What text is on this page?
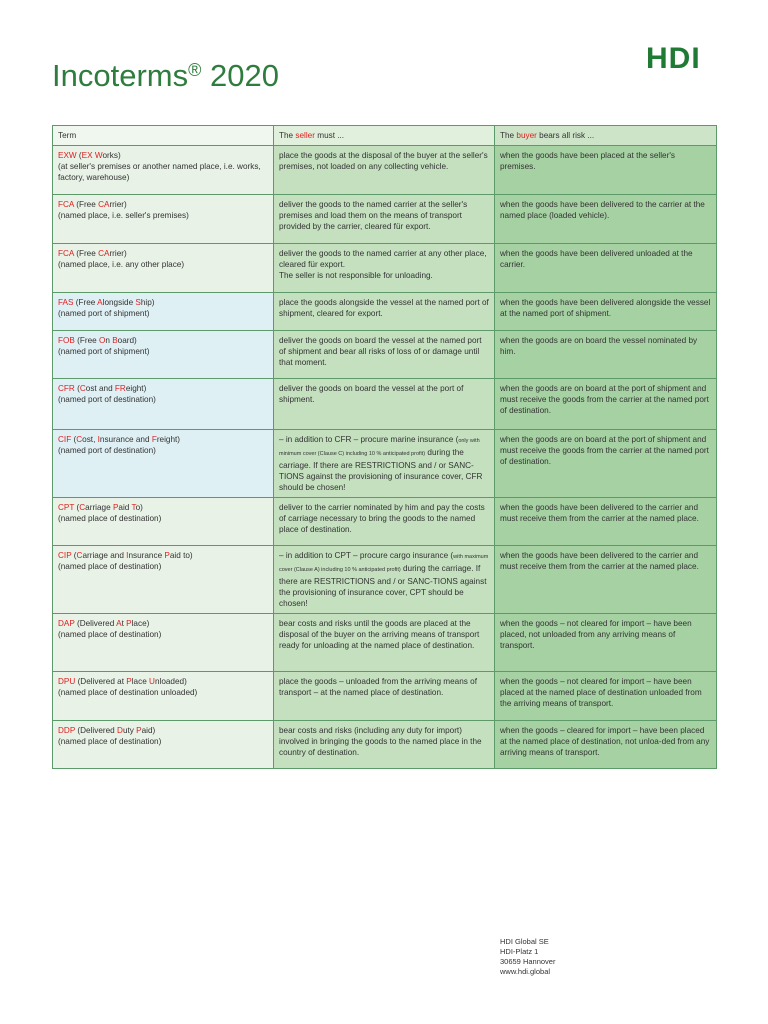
Incoterms® 2020	HDI
Term	The seller must ...	The buyer bears all risk ...
EXW (EX Works)
(at seller's premises or another named place, i.e. works, factory, warehouse)	place the goods at the disposal of the buyer at the seller's premises, not loaded on any collecting vehicle.	when the goods have been placed at the seller's premises.
FCA (Free CArrier)
(named place, i.e. seller's premises)	deliver the goods to the named carrier at the seller's premises and load them on the means of transport provided by the carrier, cleared für export.	when the goods have been delivered to the carrier at the named place (loaded vehicle).
FCA (Free CArrier)
(named place, i.e. any other place)	deliver the goods to the named carrier at any other place, cleared für export.
The seller is not responsible for unloading.	when the goods have been delivered unloaded at the carrier.
FAS (Free Alongside Ship)
(named port of shipment)	place the goods alongside the vessel at the named port of shipment, cleared for export.	when the goods have been delivered alongside the vessel at the named port of shipment.
FOB (Free On Board)
(named port of shipment)	deliver the goods on board the vessel at the named port of shipment and bear all risks of loss of or damage until that moment.	when the goods are on board the vessel nominated by him.
CFR (Cost and FReight)
(named port of destination)	deliver the goods on board the vessel at the port of shipment.	when the goods are on board at the port of shipment and must receive the goods from the carrier at the named port of destination.
CIF (Cost, Insurance and Freight)
(named port of destination)	– in addition to CFR – procure marine insurance (only with minimum cover (Clause C) including 10 % anticipated profit) during the carriage. If there are RESTRICTIONS and / or SANC-TIONS against the provisioning of insurance cover, CFR should be chosen!	when the goods are on board at the port of shipment and must receive the goods from the carrier at the named port of destination.
CPT (Carriage Paid To)
(named place of destination)	deliver to the carrier nominated by him and pay the costs of carriage necessary to bring the goods to the named place of destination.	when the goods have been delivered to the carrier and must receive them from the carrier at the named place.
CIP (Carriage and Insurance Paid to)
(named place of destination)	– in addition to CPT – procure cargo insurance (with maximum cover (Clause A) including 10 % anticipated profit) during the carriage. If there are RESTRICTIONS and / or SANC-TIONS against the provisioning of insurance cover, CPT should be chosen!	when the goods have been delivered to the carrier and must receive them from the carrier at the named place.
DAP (Delivered At Place)
(named place of destination)	bear costs and risks until the goods are placed at the disposal of the buyer on the arriving means of transport ready for unloading at the named place of destination.	when the goods – not cleared for import – have been placed, not unloaded from any arriving means of transport.
DPU (Delivered at Place Unloaded)
(named place of destination unloaded)	place the goods – unloaded from the arriving means of transport – at the named place of destination.	when the goods – not cleared for import – have been placed at the named place of destination unloaded from the arriving means of transport.
DDP (Delivered Duty Paid)
(named place of destination)	bear costs and risks (including any duty for import) involved in bringing the goods to the named place in the country of destination.	when the goods – cleared for import – have been placed at the named place of destination, not unloa-ded from any arriving means of transport.
HDI Global SE
HDI-Platz 1
30659 Hannover
www.hdi.global
